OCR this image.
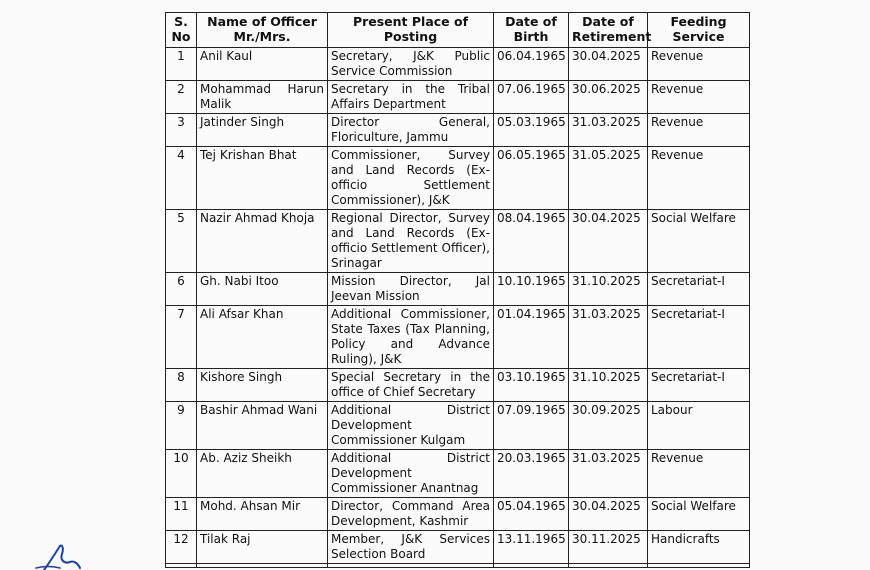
S. No	Name of Officer Mr./Mrs.	Present Place of Posting	Date of Birth	Date of Retirement	Feeding Service
1	Anil Kaul	Secretary, J&K Public Service Commission	06.04.1965	30.04.2025	Revenue
2	Mohammad Harun Malik	Secretary in the Tribal Affairs Department	07.06.1965	30.06.2025	Revenue
3	Jatinder Singh	Director General, Floriculture, Jammu	05.03.1965	31.03.2025	Revenue
4	Tej Krishan Bhat	Commissioner, Survey and Land Records (Ex-officio Settlement Commissioner), J&K	06.05.1965	31.05.2025	Revenue
5	Nazir Ahmad Khoja	Regional Director, Survey and Land Records (Ex-officio Settlement Officer), Srinagar	08.04.1965	30.04.2025	Social Welfare
6	Gh. Nabi Itoo	Mission Director, Jal Jeevan Mission	10.10.1965	31.10.2025	Secretariat-I
7	Ali Afsar Khan	Additional Commissioner, State Taxes (Tax Planning, Policy and Advance Ruling), J&K	01.04.1965	31.03.2025	Secretariat-I
8	Kishore Singh	Special Secretary in the office of Chief Secretary	03.10.1965	31.10.2025	Secretariat-I
9	Bashir Ahmad Wani	Additional District Development Commissioner Kulgam	07.09.1965	30.09.2025	Labour
10	Ab. Aziz Sheikh	Additional District Development Commissioner Anantnag	20.03.1965	31.03.2025	Revenue
11	Mohd. Ahsan Mir	Director, Command Area Development, Kashmir	05.04.1965	30.04.2025	Social Welfare
12	Tilak Raj	Member, J&K Services Selection Board	13.11.1965	30.11.2025	Handicrafts
